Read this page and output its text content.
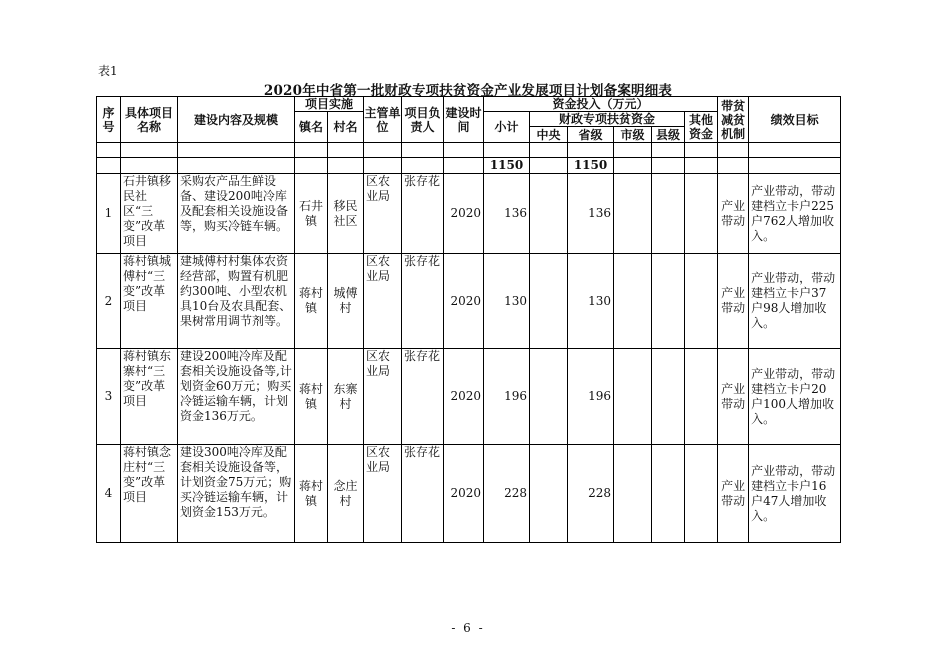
表1
2020年中省第一批财政专项扶贫资金产业发展项目计划备案明细表
序号	具体项目名称	建设内容及规模	项目实施		主管单位	项目负责人	建设时间	资金投入（万元）						带贫减贫机制	绩效目标
			镇名	村名				小计	财政专项扶贫资金				其他资金		
									中央	省级	市级	县级			

								1150		1150					
1	石井镇移民社区“三变”改革项目	采购农产品生鲜设备、建设200吨冷库及配套相关设施设备等，购买冷链车辆。	石井镇	移民社区	区农业局	张存花	2020	136		136				产业带动	产业带动，带动建档立卡户225户762人增加收入。
2	蒋村镇城傅村“三变”改革项目	建城傅村村集体农资经营部，购置有机肥约300吨、小型农机具10台及农具配套、果树常用调节剂等。	蒋村镇	城傅村	区农业局	张存花	2020	130		130				产业带动	产业带动，带动建档立卡户37户98人增加收入。
3	蒋村镇东寨村“三变”改革项目	建设200吨冷库及配套相关设施设备等,计划资金60万元；购买冷链运输车辆，计划资金136万元。	蒋村镇	东寨村	区农业局	张存花	2020	196		196				产业带动	产业带动，带动建档立卡户20户100人增加收入。
4	蒋村镇念庄村“三变”改革项目	建设300吨冷库及配套相关设施设备等，计划资金75万元；购买冷链运输车辆，计划资金153万元。	蒋村镇	念庄村	区农业局	张存花	2020	228		228				产业带动	产业带动，带动建档立卡户16户47人增加收入。
- 6 -
